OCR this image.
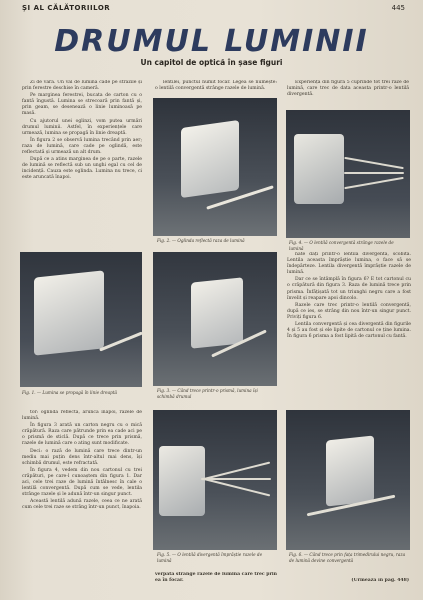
ȘI AL CĂLĂTORIILOR	445
DRUMUL LUMINII
Un capitol de optică în șase figuri

Zi de vară. Un val de lumină cade pe străzile și prin ferestre deschise în cameră.

Pe marginea ferestrei, bucata de carton cu o fantă îngustă. Lumina se strecoară prin fantă și, prin geam, se desenează o linie luminoasă pe masă.

Cu ajutorul unei oglinzi, vom putea urmări drumul luminii. Astfel, în experiențele care urmează, lumina se propagă în linie dreaptă.

În figura 2 se observă lumina trecând prin aer; raza de lumină, care cade pe oglindă, este reflectată și urmează un alt drum.

După ce a atins marginea de pe o parte, razele de lumină se reflectă sub un unghi egal cu cel de incidență. Cauza este oglinda. Lumina nu trece, ci este aruncată înapoi.

Fig. 2. — Oglinda reflectă raza de lumină

Experiența din figura 5 cuprinde tot trei raze de lumină, care trec de data aceasta printr-o lentilă divergentă.

lentilei, punctul numit focar. Legea se numește: o lentilă convergentă strânge razele de lumină.

Fig. 4. — O lentilă convergentă strânge razele de lumină
Fig. 1. — Lumina se propagă în linie dreaptă	Fig. 3. — Când trece printr-o prismă, lumina își schimbă drumul

nate dați printr-o lentilă divergentă, scobită. Lentila aceasta împrăștie lumina, o face să se îndepărteze. Lentila divergentă împrăștie razele de lumină.

Dar ce se întâmplă în figura 6? E tot cartonul cu o crăpătură din figura 3. Raza de lumină trece prin prisma. Înfățișată tot un triunghi negru care a fost învelit și reapare apoi dincolo.

Razele care trec printr-o lentilă convergentă, după ce ies, se strâng din nou într-un singur punct. Priviți figura 6.

Lentila convergentă și cea divergentă din figurile 4 și 5 au fost și ele lipite de cartonul ce ține lumina. În figura 6 prisma a fost lipită de cartonul cu fantă.

tor: oglinda reflectă, aruncă înapoi, razele de lumină.

În figura 3 arată un carton negru cu o mică crăpătură. Raza care pătrunde prin ea cade aci pe o prismă de sticlă. După ce trece prin prismă, razele de lumină care o ating sunt modificate.

Deci: o rază de lumină care trece dintr-un mediu mai puțin dens într-altul mai dens, își schimbă drumul, este refractată.

În figura 4, vedem din nou cartonul cu trei crăpături, pe care-l cunoaștem din figura 1. Dar aci, cele trei raze de lumină întâlnesc în cale o lentilă convergentă. După cum se vede, lentila strânge razele și le adună într-un singur punct.

Această lentilă adună razele, ceea ce ne arată cum cele trei raze se strâng într-un punct, înapoia.

Fig. 5. — O lentilă divergentă împrăștie razele de lumină

verpată strânge razele de lumină care trec prin ea în focar.

Fig. 6. — Când trece prin fața trimedirului negru, raza de lumină devine convergentă

(Urmează în pag. 448)
